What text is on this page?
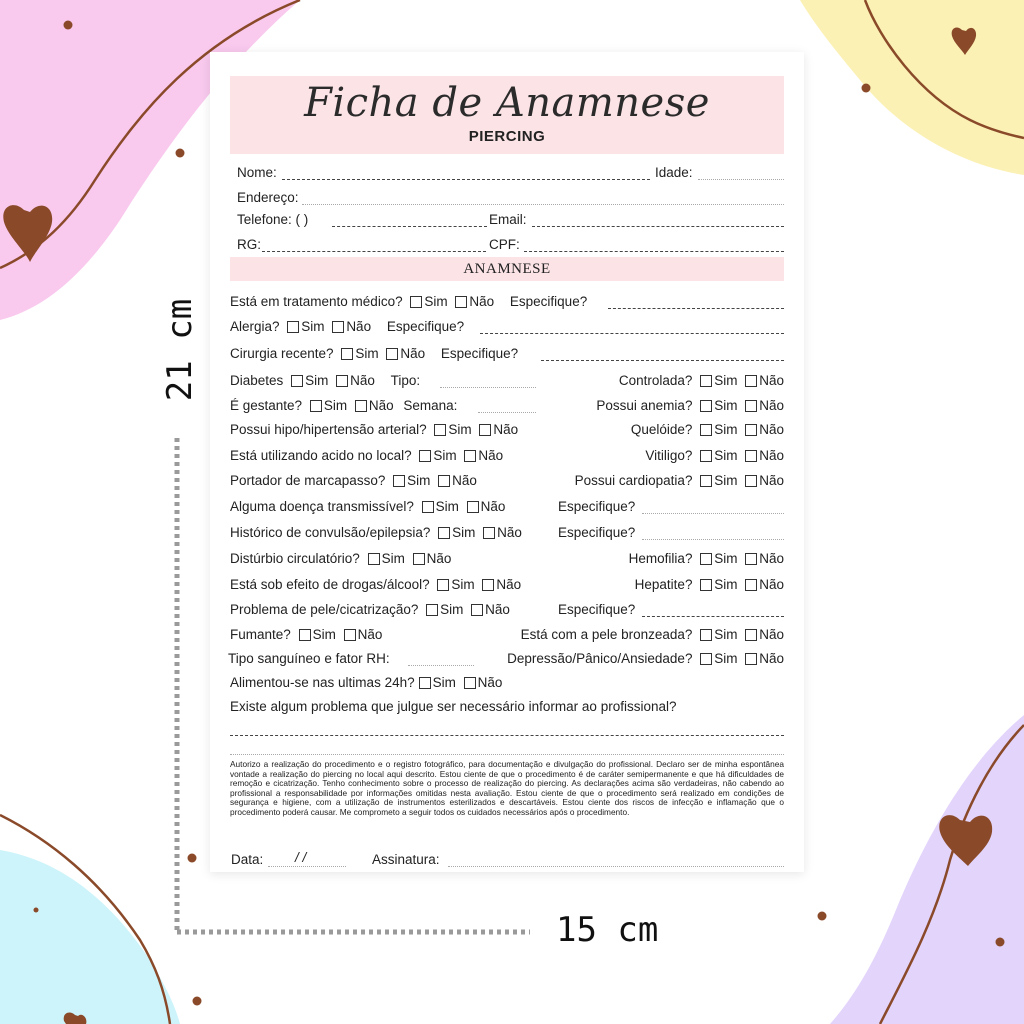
21 cm
15 cm
Ficha de Anamnese
PIERCING
Nome:	Idade:
Endereço:
Telefone: ( )	Email:
RG:	CPF:
ANAMNESE
Está em tratamento médico? Sim Não Especifique?
Alergia? Sim Não Especifique?
Cirurgia recente? Sim Não Especifique?
Diabetes Sim Não Tipo:	Controlada? Sim Não
É gestante? Sim Não Semana:	Possui anemia? Sim Não
Possui hipo/hipertensão arterial? Sim Não	Quelóide? Sim Não
Está utilizando acido no local? Sim Não	Vitiligo? Sim Não
Portador de marcapasso? Sim Não	Possui cardiopatia? Sim Não
Alguma doença transmissível? Sim Não	Especifique?
Histórico de convulsão/epilepsia? Sim Não	Especifique?
Distúrbio circulatório? Sim Não	Hemofilia? Sim Não
Está sob efeito de drogas/álcool? Sim Não	Hepatite? Sim Não
Problema de pele/cicatrização? Sim Não	Especifique?
Fumante? Sim Não	Está com a pele bronzeada? Sim Não
Tipo sanguíneo e fator RH:	Depressão/Pânico/Ansiedade? Sim Não
Alimentou-se nas ultimas 24h? Sim Não
Existe algum problema que julgue ser necessário informar ao profissional?
Autorizo a realização do procedimento e o registro fotográfico, para documentação e divulgação do profissional. Declaro ser de minha espontânea vontade a realização do piercing no local aqui descrito. Estou ciente de que o procedimento é de caráter semipermanente e que há dificuldades de remoção e cicatrização. Tenho conhecimento sobre o processo de realização do piercing. As declarações acima são verdadeiras, não cabendo ao profissional a responsabilidade por informações omitidas nesta avaliação. Estou ciente de que o procedimento será realizado em condições de segurança e higiene, com a utilização de instrumentos esterilizados e descartáveis. Estou ciente dos riscos de infecção e inflamação que o procedimento poderá causar. Me comprometo a seguir todos os cuidados necessários após o procedimento.
Data: / /	Assinatura:
